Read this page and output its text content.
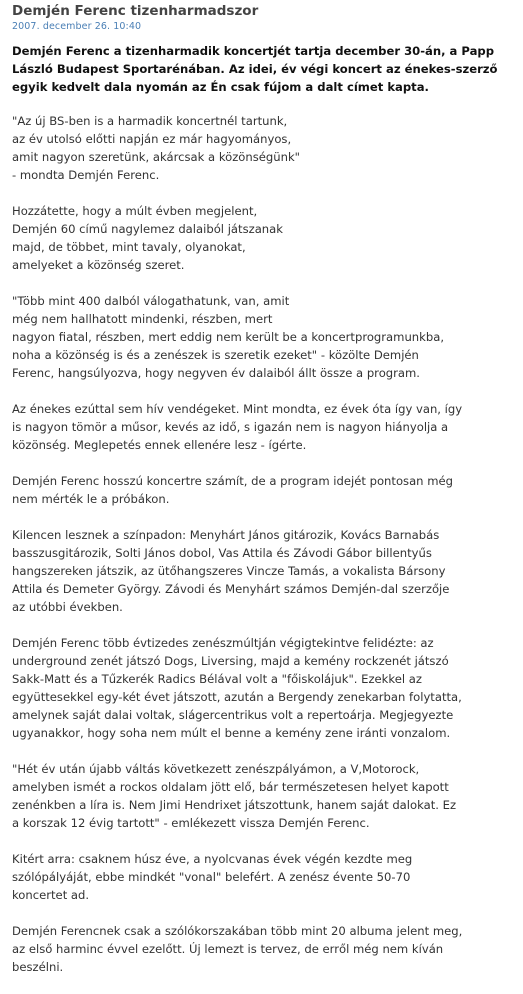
Demjén Ferenc tizenharmadszor
2007. december 26. 10:40
Demjén Ferenc a tizenharmadik koncertjét tartja december 30-án, a Papp
László Budapest Sportarénában. Az idei, év végi koncert az énekes-szerző
egyik kedvelt dala nyomán az Én csak fújom a dalt címet kapta.
"Az új BS-ben is a harmadik koncertnél tartunk,
az év utolsó előtti napján ez már hagyományos,
amit nagyon szeretünk, akárcsak a közönségünk"
- mondta Demjén Ferenc.
Hozzátette, hogy a múlt évben megjelent,
Demjén 60 című nagylemez dalaiból játszanak
majd, de többet, mint tavaly, olyanokat,
amelyeket a közönség szeret.
"Több mint 400 dalból válogathatunk, van, amit
még nem hallhatott mindenki, részben, mert
nagyon fiatal, részben, mert eddig nem került be a koncertprogramunkba,
noha a közönség is és a zenészek is szeretik ezeket" - közölte Demjén
Ferenc, hangsúlyozva, hogy negyven év dalaiból állt össze a program.
Az énekes ezúttal sem hív vendégeket. Mint mondta, ez évek óta így van, így
is nagyon tömör a műsor, kevés az idő, s igazán nem is nagyon hiányolja a
közönség. Meglepetés ennek ellenére lesz - ígérte.
Demjén Ferenc hosszú koncertre számít, de a program idejét pontosan még
nem mérték le a próbákon.
Kilencen lesznek a színpadon: Menyhárt János gitározik, Kovács Barnabás
basszusgitározik, Solti János dobol, Vas Attila és Závodi Gábor billentyűs
hangszereken játszik, az ütőhangszeres Vincze Tamás, a vokalista Bársony
Attila és Demeter György. Závodi és Menyhárt számos Demjén-dal szerzője
az utóbbi években.
Demjén Ferenc több évtizedes zenészmúltján végigtekintve felidézte: az
underground zenét játszó Dogs, Liversing, majd a kemény rockzenét játszó
Sakk-Matt és a Tűzkerék Radics Bélával volt a "főiskolájuk". Ezekkel az
együttesekkel egy-két évet játszott, azután a Bergendy zenekarban folytatta,
amelynek saját dalai voltak, slágercentrikus volt a repertoárja. Megjegyezte
ugyanakkor, hogy soha nem múlt el benne a kemény zene iránti vonzalom.
"Hét év után újabb váltás következett zenészpályámon, a V,Motorock,
amelyben ismét a rockos oldalam jött elő, bár természetesen helyet kapott
zenénkben a líra is. Nem Jimi Hendrixet játszottunk, hanem saját dalokat. Ez
a korszak 12 évig tartott" - emlékezett vissza Demjén Ferenc.
Kitért arra: csaknem húsz éve, a nyolcvanas évek végén kezdte meg
szólópályáját, ebbe mindkét "vonal" belefért. A zenész évente 50-70
koncertet ad.
Demjén Ferencnek csak a szólókorszakában több mint 20 albuma jelent meg,
az első harminc évvel ezelőtt. Új lemezt is tervez, de erről még nem kíván
beszélni.
